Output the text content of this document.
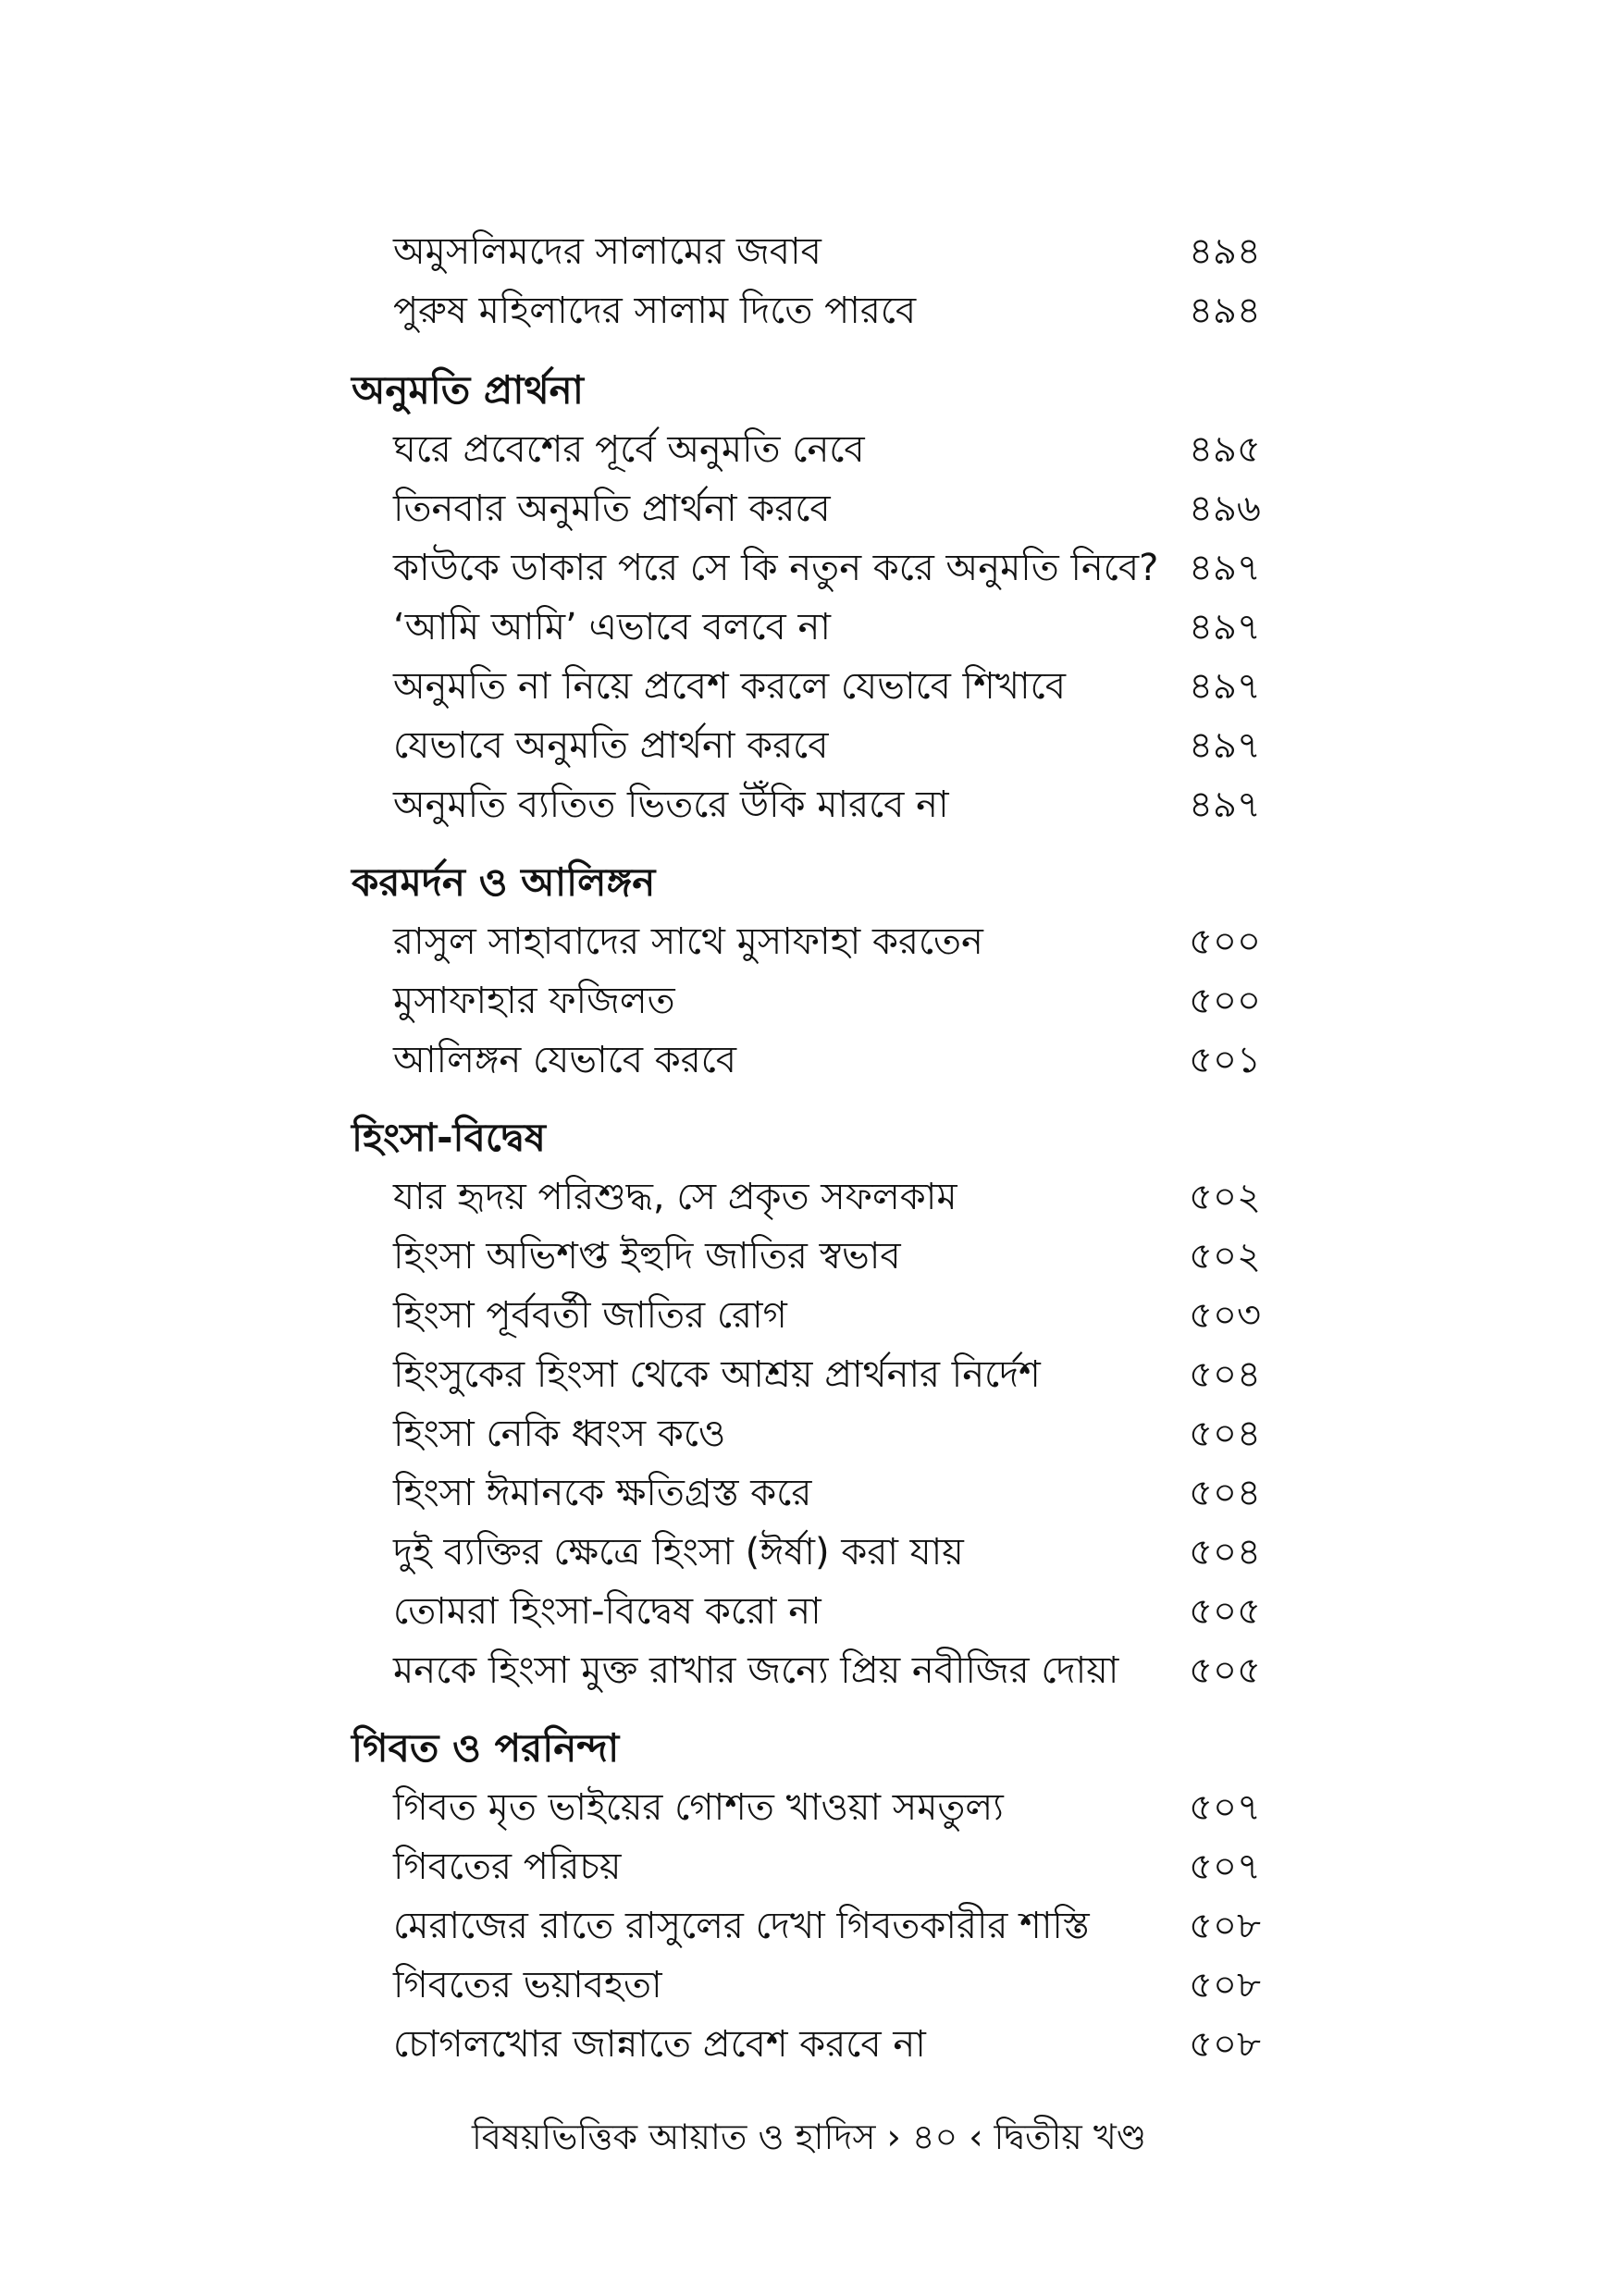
অমুসলিমদের সালামের জবাব	৪৯৪
পুরুষ মহিলাদের সালাম দিতে পারবে	৪৯৪
অনুমতি প্রার্থনা
ঘরে প্রবেশের পূর্বে অনুমতি নেবে	৪৯৫
তিনবার অনুমতি প্রার্থনা করবে	৪৯৬
কাউকে ডাকার পরে সে কি নতুন করে অনুমতি নিবে? ৪৯৭
‘আমি আমি’ এভাবে বলবে না	৪৯৭
অনুমতি না নিয়ে প্রবেশ করলে যেভাবে শিখাবে	৪৯৭
যেভাবে অনুমতি প্রার্থনা করবে	৪৯৭
অনুমতি ব্যতিত ভিতরে উঁকি মারবে না	৪৯৭
করমর্দন ও আলিঙ্গন
রাসুল সাহাবাদের সাথে মুসাফাহা করতেন	৫০০
মুসাফাহার ফজিলত	৫০০
আলিঙ্গন যেভাবে করবে	৫০১
হিংসা-বিদ্বেষ
যার হৃদয় পরিশুদ্ধ, সে প্রকৃত সফলকাম	৫০২
হিংসা অভিশপ্ত ইহুদি জাতির স্বভাব	৫০২
হিংসা পূর্ববর্তী জাতির রোগ	৫০৩
হিংসুকের হিংসা থেকে আশ্রয় প্রার্থনার নির্দেশ	৫০৪
হিংসা নেকি ধ্বংস কওে	৫০৪
হিংসা ঈমানকে ক্ষতিগ্রস্ত করে	৫০৪
দুই ব্যক্তির ক্ষেত্রে হিংসা (ঈর্ষা) করা যায়	৫০৪
তোমরা হিংসা-বিদ্বেষ করো না	৫০৫
মনকে হিংসা মুক্ত রাখার জন্যে প্রিয় নবীজির দোয়া ৫০৫
গিবত ও পরনিন্দা
গিবত মৃত ভাইয়ের গোশত খাওয়া সমতুল্য	৫০৭
গিবতের পরিচয়	৫০৭
মেরাজের রাতে রাসুলের দেখা গিবতকারীর শাস্তি	৫০৮
গিবতের ভয়াবহতা	৫০৮
চোগলখোর জান্নাতে প্রবেশ করবে না	৫০৮
বিষয়ভিত্তিক আয়াত ও হাদিস › ৪০ ‹ দ্বিতীয় খণ্ড
